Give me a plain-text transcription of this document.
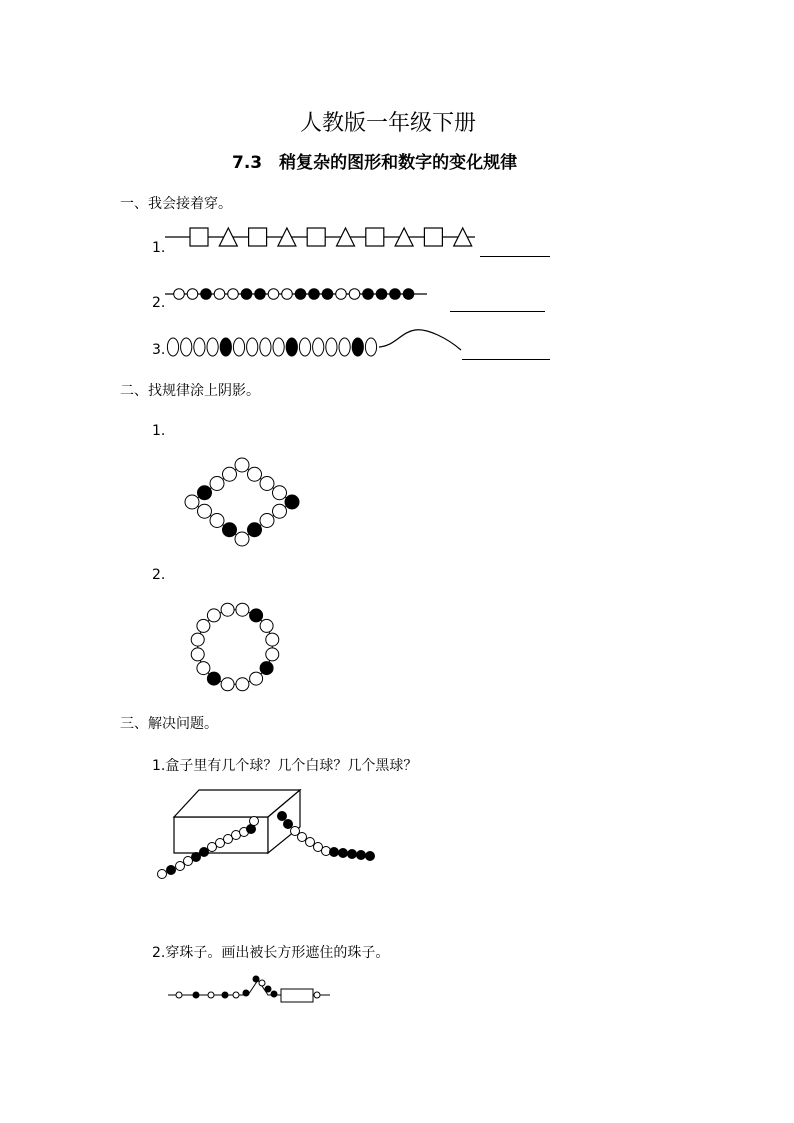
人教版一年级下册
7.3　稍复杂的图形和数字的变化规律
一、我会接着穿。
1.
2.
3.
二、找规律涂上阴影。
1.
2.
三、解决问题。
1.盒子里有几个球？几个白球？几个黑球？
2.穿珠子。画出被长方形遮住的珠子。
